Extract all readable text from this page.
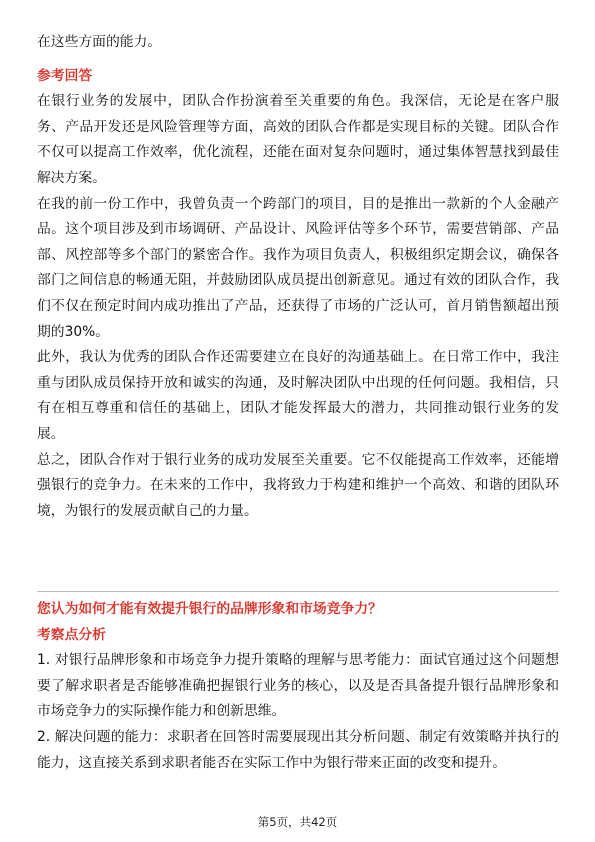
在这些方面的能力。

参考回答

在银行业务的发展中，团队合作扮演着至关重要的角色。我深信，无论是在客户服务、产品开发还是风险管理等方面，高效的团队合作都是实现目标的关键。团队合作不仅可以提高工作效率，优化流程，还能在面对复杂问题时，通过集体智慧找到最佳解决方案。

在我的前一份工作中，我曾负责一个跨部门的项目，目的是推出一款新的个人金融产品。这个项目涉及到市场调研、产品设计、风险评估等多个环节，需要营销部、产品部、风控部等多个部门的紧密合作。我作为项目负责人，积极组织定期会议，确保各部门之间信息的畅通无阻，并鼓励团队成员提出创新意见。通过有效的团队合作，我们不仅在预定时间内成功推出了产品，还获得了市场的广泛认可，首月销售额超出预期的30%。

此外，我认为优秀的团队合作还需要建立在良好的沟通基础上。在日常工作中，我注重与团队成员保持开放和诚实的沟通，及时解决团队中出现的任何问题。我相信，只有在相互尊重和信任的基础上，团队才能发挥最大的潜力，共同推动银行业务的发展。

总之，团队合作对于银行业务的成功发展至关重要。它不仅能提高工作效率，还能增强银行的竞争力。在未来的工作中，我将致力于构建和维护一个高效、和谐的团队环境，为银行的发展贡献自己的力量。

您认为如何才能有效提升银行的品牌形象和市场竞争力？

考察点分析

1. 对银行品牌形象和市场竞争力提升策略的理解与思考能力：面试官通过这个问题想要了解求职者是否能够准确把握银行业务的核心，以及是否具备提升银行品牌形象和市场竞争力的实际操作能力和创新思维。

2. 解决问题的能力：求职者在回答时需要展现出其分析问题、制定有效策略并执行的能力，这直接关系到求职者能否在实际工作中为银行带来正面的改变和提升。

第5页，共42页
